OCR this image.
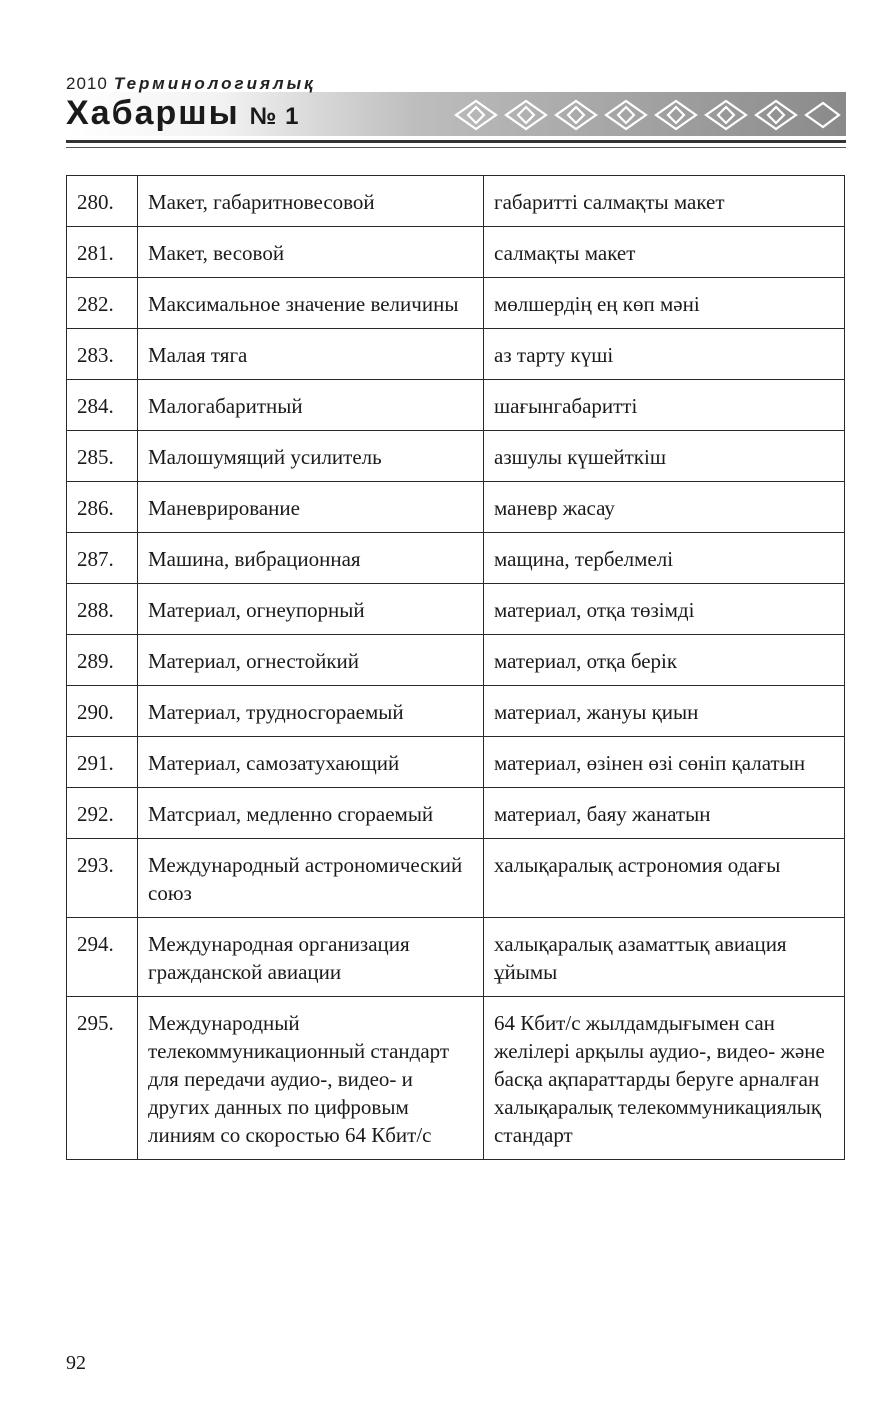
2010 Терминологиялық
Хабаршы № 1
280.	Макет, габаритновесовой	габаритті салмақты макет
281.	Макет, весовой	салмақты макет
282.	Максимальное значение величины	мөлшердің ең көп мәні
283.	Малая тяга	аз тарту күші
284.	Малогабаритный	шағынгабаритті
285.	Малошумящий усилитель	азшулы күшейткіш
286.	Маневрирование	маневр жасау
287.	Машина, вибрационная	мащина, тербелмелі
288.	Материал, огнеупорный	материал, отқа төзімді
289.	Материал, огнестойкий	материал, отқа берік
290.	Материал, трудносгораемый	материал, жануы қиын
291.	Материал, самозатухающий	материал, өзінен өзі сөніп қалатын
292.	Матсриал, медленно сгораемый	материал, баяу жанатын
293.	Международный астрономический союз	халықаралық астрономия одағы
294.	Международная организация гражданской авиации	халықаралық азаматтық авиация ұйымы
295.	Международный телекоммуникационный стандарт для передачи аудио-, видео- и других данных по цифровым линиям со скоростью 64 Кбит/с	64 Кбит/с жылдамдығымен сан желілері арқылы аудио-, видео- және басқа ақпараттарды беруге арналған халықаралық телекоммуникациялық стандарт
92
